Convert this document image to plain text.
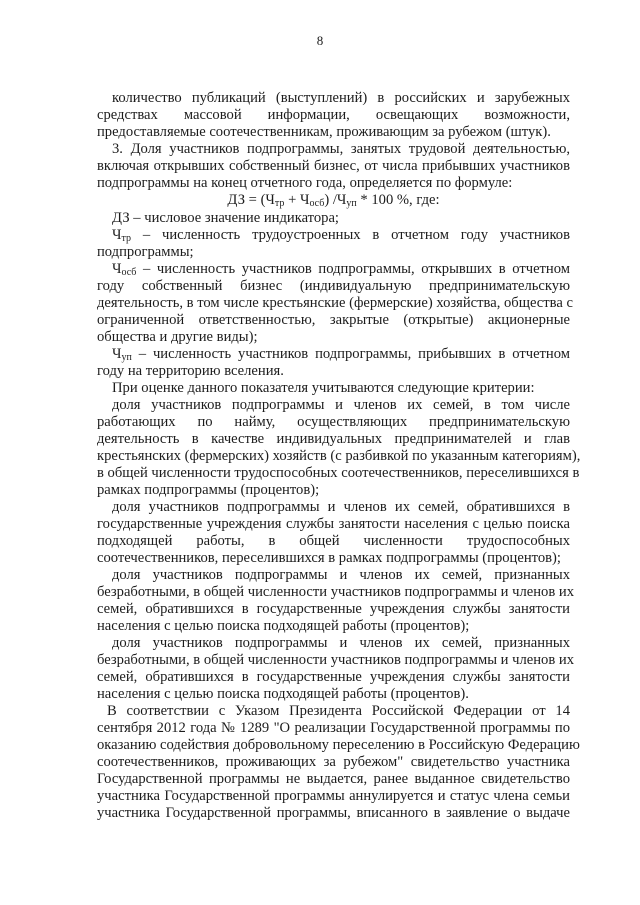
8
количество публикаций (выступлений) в российских и зарубежных
средствах массовой информации, освещающих возможности,
предоставляемые соотечественникам, проживающим за рубежом (штук).
3. Доля участников подпрограммы, занятых трудовой деятельностью,
включая открывших собственный бизнес, от числа прибывших участников
подпрограммы на конец отчетного года, определяется по формуле:
ДЗ = $(Ч_{тр} + Ч_{осб})$ $/Ч_{уп} * 100$ %, где:
ДЗ – числовое значение индикатора;
$Ч_{тр}$ – численность трудоустроенных в отчетном году участников
подпрограммы;
$Ч_{осб}$ – численность участников подпрограммы, открывших в отчетном
году собственный бизнес (индивидуальную предпринимательскую
деятельность, в том числе крестьянские (фермерские) хозяйства, общества с
ограниченной ответственностью, закрытые (открытые) акционерные
общества и другие виды);
$Ч_{уп}$ – численность участников подпрограммы, прибывших в отчетном
году на территорию вселения.
При оценке данного показателя учитываются следующие критерии:
доля участников подпрограммы и членов их семей, в том числе
работающих по найму, осуществляющих предпринимательскую
деятельность в качестве индивидуальных предпринимателей и глав
крестьянских (фермерских) хозяйств (с разбивкой по указанным категориям),
в общей численности трудоспособных соотечественников, переселившихся в
рамках подпрограммы (процентов);
доля участников подпрограммы и членов их семей, обратившихся в
государственные учреждения службы занятости населения с целью поиска
подходящей работы, в общей численности трудоспособных
соотечественников, переселившихся в рамках подпрограммы (процентов);
доля участников подпрограммы и членов их семей, признанных
безработными, в общей численности участников подпрограммы и членов их
семей, обратившихся в государственные учреждения службы занятости
населения с целью поиска подходящей работы (процентов);
доля участников подпрограммы и членов их семей, признанных
безработными, в общей численности участников подпрограммы и членов их
семей, обратившихся в государственные учреждения службы занятости
населения с целью поиска подходящей работы (процентов).
В соответствии с Указом Президента Российской Федерации от 14
сентября 2012 года № 1289 "О реализации Государственной программы по
оказанию содействия добровольному переселению в Российскую Федерацию
соотечественников, проживающих за рубежом" свидетельство участника
Государственной программы не выдается, ранее выданное свидетельство
участника Государственной программы аннулируется и статус члена семьи
участника Государственной программы, вписанного в заявление о выдаче
